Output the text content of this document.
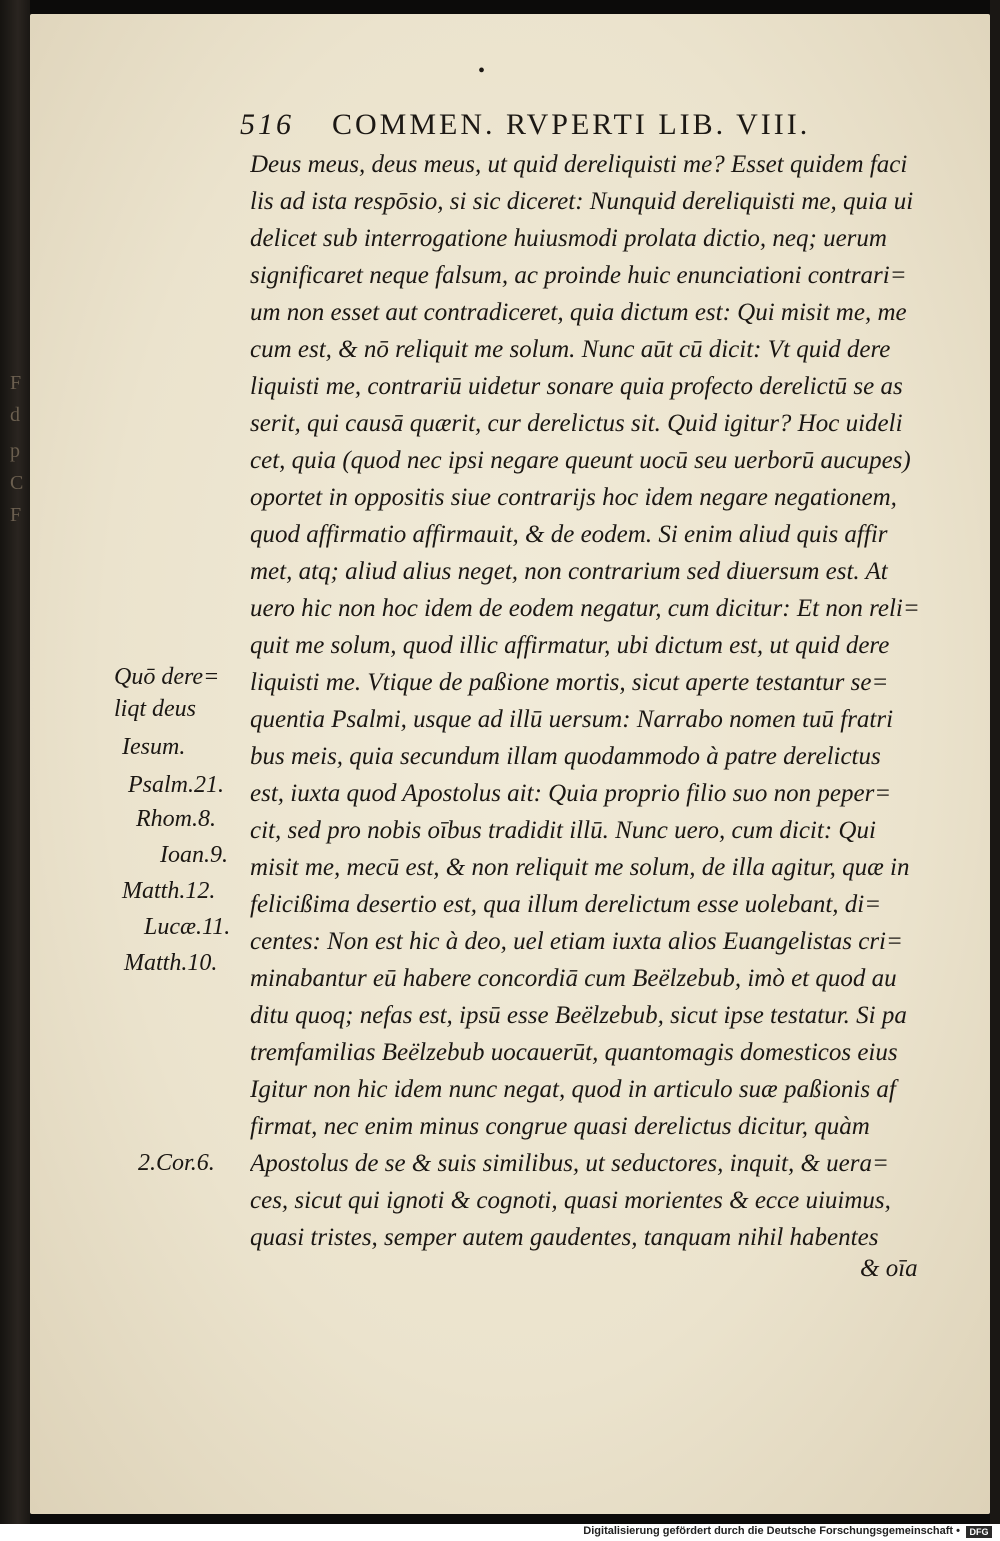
F
d
p
C
F
•
516 COMMEN. RVPERTI LIB. VIII.
Deus meus, deus meus, ut quid dereliquisti me? Esset quidem faci
lis ad ista respōsio, si sic diceret: Nunquid dereliquisti me, quia ui
delicet sub interrogatione huiusmodi prolata dictio, neq; uerum
significaret neque falsum, ac proinde huic enunciationi contrari=
um non esset aut contradiceret, quia dictum est: Qui misit me, me
cum est, & nō reliquit me solum. Nunc aūt cū dicit: Vt quid dere
liquisti me, contrariū uidetur sonare quia profecto derelictū se as
serit, qui causā quærit, cur derelictus sit. Quid igitur? Hoc uideli
cet, quia (quod nec ipsi negare queunt uocū seu uerborū aucupes)
oportet in oppositis siue contrarijs hoc idem negare negationem,
quod affirmatio affirmauit, & de eodem. Si enim aliud quis affir
met, atq; aliud alius neget, non contrarium sed diuersum est. At
uero hic non hoc idem de eodem negatur, cum dicitur: Et non reli=
quit me solum, quod illic affirmatur, ubi dictum est, ut quid dere
liquisti me. Vtique de paßione mortis, sicut aperte testantur se=
quentia Psalmi, usque ad illū uersum: Narrabo nomen tuū fratri
bus meis, quia secundum illam quodammodo à patre derelictus
est, iuxta quod Apostolus ait: Quia proprio filio suo non peper=
cit, sed pro nobis oībus tradidit illū. Nunc uero, cum dicit: Qui
misit me, mecū est, & non reliquit me solum, de illa agitur, quæ in
felicißima desertio est, qua illum derelictum esse uolebant, di=
centes: Non est hic à deo, uel etiam iuxta alios Euangelistas cri=
minabantur eū habere concordiā cum Beëlzebub, imò et quod au
ditu quoq; nefas est, ipsū esse Beëlzebub, sicut ipse testatur. Si pa
tremfamilias Beëlzebub uocauerūt, quantomagis domesticos eius
Igitur non hic idem nunc negat, quod in articulo suæ paßionis af
firmat, nec enim minus congrue quasi derelictus dicitur, quàm
Apostolus de se & suis similibus, ut seductores, inquit, & uera=
ces, sicut qui ignoti & cognoti, quasi morientes & ecce uiuimus,
quasi tristes, semper autem gaudentes, tanquam nihil habentes
Quō dere=
liqt deus
Iesum.
Psalm.21.
Rhom.8.
Ioan.9.
Matth.12.
Lucæ.11.
Matth.10.
2.Cor.6.
& oīa
Digitalisierung gefördert durch die Deutsche Forschungsgemeinschaft •	DFG
